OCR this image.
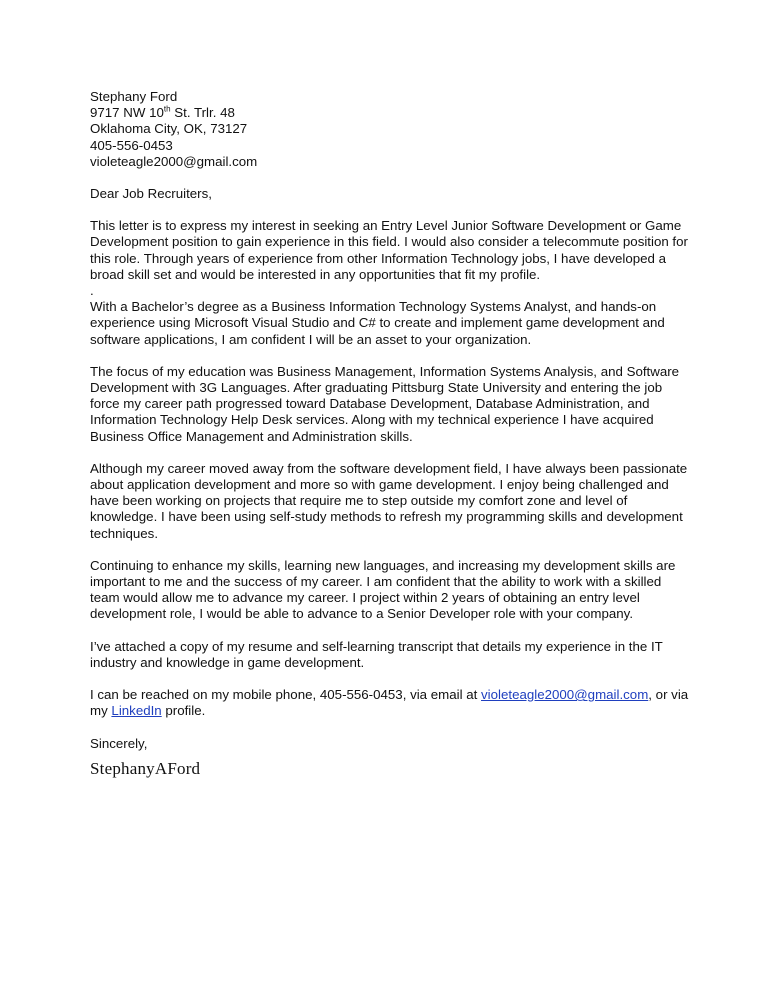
Stephany Ford
9717 NW 10th St. Trlr. 48
Oklahoma City, OK, 73127
405-556-0453
violeteagle2000@gmail.com
Dear Job Recruiters,

This letter is to express my interest in seeking an Entry Level Junior Software Development or Game Development position to gain experience in this field. I would also consider a telecommute position for this role. Through years of experience from other Information Technology jobs, I have developed a broad skill set and would be interested in any opportunities that fit my profile.

.

With a Bachelor’s degree as a Business Information Technology Systems Analyst, and hands-on experience using Microsoft Visual Studio and C# to create and implement game development and software applications, I am confident I will be an asset to your organization.

The focus of my education was Business Management, Information Systems Analysis, and Software Development with 3G Languages. After graduating Pittsburg State University and entering the job force my career path progressed toward Database Development, Database Administration, and Information Technology Help Desk services. Along with my technical experience I have acquired Business Office Management and Administration skills.

Although my career moved away from the software development field, I have always been passionate about application development and more so with game development. I enjoy being challenged and have been working on projects that require me to step outside my comfort zone and level of knowledge. I have been using self-study methods to refresh my programming skills and development techniques.

Continuing to enhance my skills, learning new languages, and increasing my development skills are important to me and the success of my career. I am confident that the ability to work with a skilled team would allow me to advance my career. I project within 2 years of obtaining an entry level development role, I would be able to advance to a Senior Developer role with your company.

I’ve attached a copy of my resume and self-learning transcript that details my experience in the IT industry and knowledge in game development.

I can be reached on my mobile phone, 405-556-0453, via email at violeteagle2000@gmail.com, or via my LinkedIn profile.

Sincerely,
StephanyAFord
